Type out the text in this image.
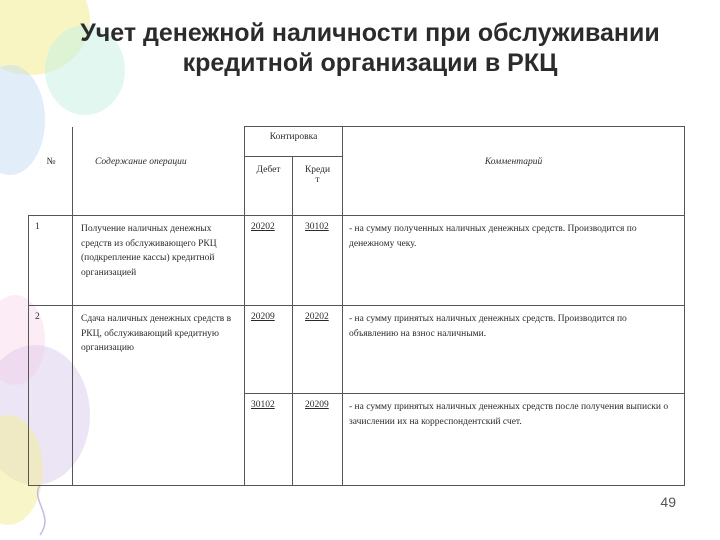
Учет денежной наличности при обслуживании кредитной организации в РКЦ
№	Содержание операции	Контировка		Комментарий
		Дебет	Креди т	
1	Получение наличных денежных средств из обслуживающего РКЦ (подкрепление кассы) кредитной организацией	20202	30102	- на сумму полученных наличных денежных средств. Производится по денежному чеку.
2	Сдача наличных денежных средств в РКЦ, обслуживающий кредитную организацию	20209	20202	- на сумму принятых наличных денежных средств. Производится по объявлению на взнос наличными.
		30102	20209	- на сумму принятых наличных денежных средств после получения выписки о зачислении их на корреспондентский счет.
49
